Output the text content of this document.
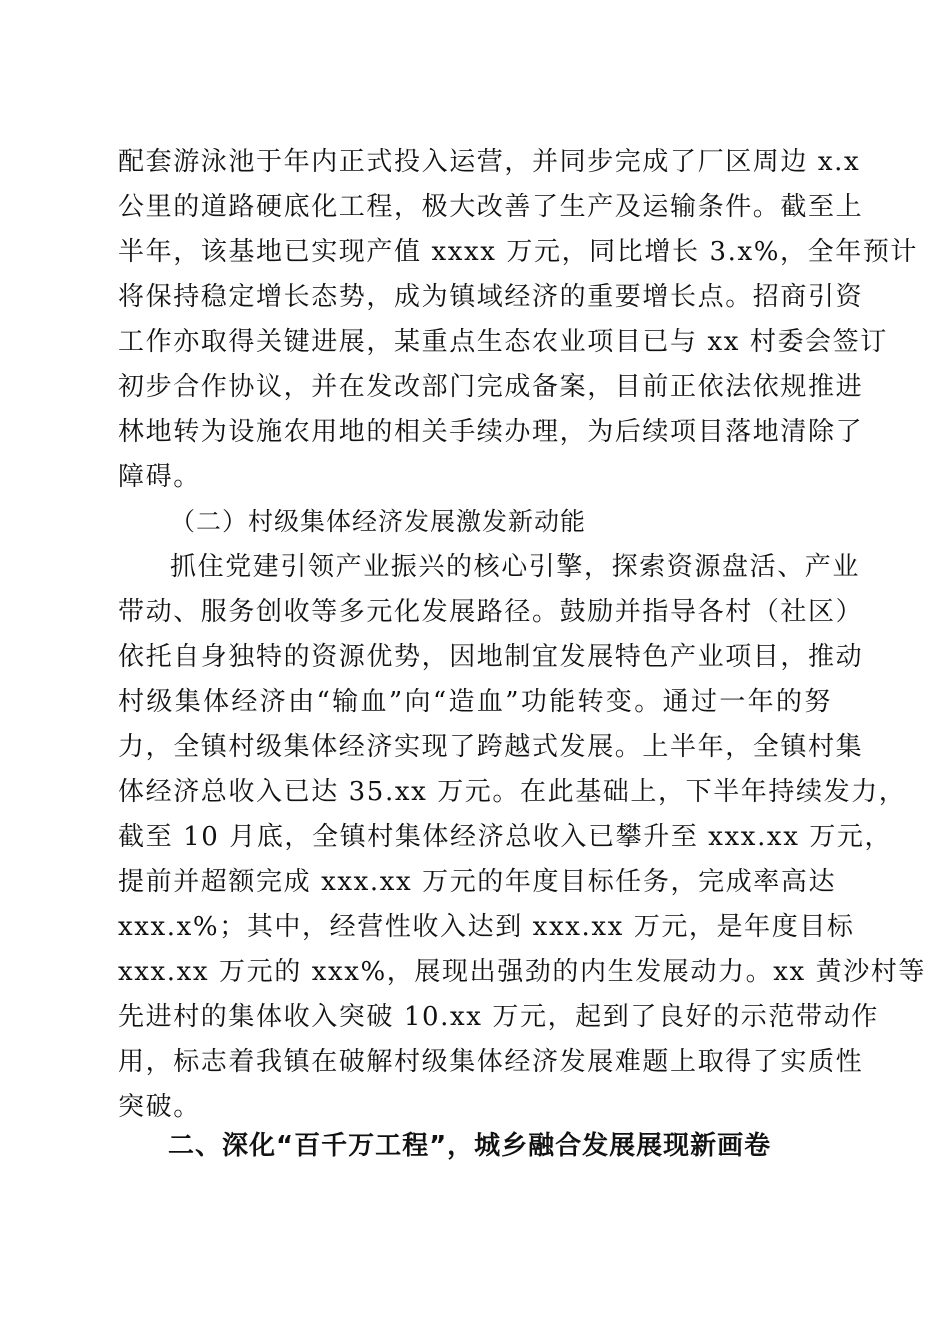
配套游泳池于年内正式投入运营，并同步完成了厂区周边 x.x
公里的道路硬底化工程，极大改善了生产及运输条件。截至上
半年，该基地已实现产值 xxxx 万元，同比增长 3.x%，全年预计
将保持稳定增长态势，成为镇域经济的重要增长点。招商引资
工作亦取得关键进展，某重点生态农业项目已与 xx 村委会签订
初步合作协议，并在发改部门完成备案，目前正依法依规推进
林地转为设施农用地的相关手续办理，为后续项目落地清除了
障碍。
（二）村级集体经济发展激发新动能
抓住党建引领产业振兴的核心引擎，探索资源盘活、产业
带动、服务创收等多元化发展路径。鼓励并指导各村（社区）
依托自身独特的资源优势，因地制宜发展特色产业项目，推动
村级集体经济由“输血”向“造血”功能转变。通过一年的努
力，全镇村级集体经济实现了跨越式发展。上半年，全镇村集
体经济总收入已达 35.xx 万元。在此基础上，下半年持续发力，
截至 10 月底，全镇村集体经济总收入已攀升至 xxx.xx 万元，
提前并超额完成 xxx.xx 万元的年度目标任务，完成率高达
xxx.x%；其中，经营性收入达到 xxx.xx 万元，是年度目标
xxx.xx 万元的 xxx%，展现出强劲的内生发展动力。xx 黄沙村等
先进村的集体收入突破 10.xx 万元，起到了良好的示范带动作
用，标志着我镇在破解村级集体经济发展难题上取得了实质性
突破。
二、深化“百千万工程”，城乡融合发展展现新画卷
